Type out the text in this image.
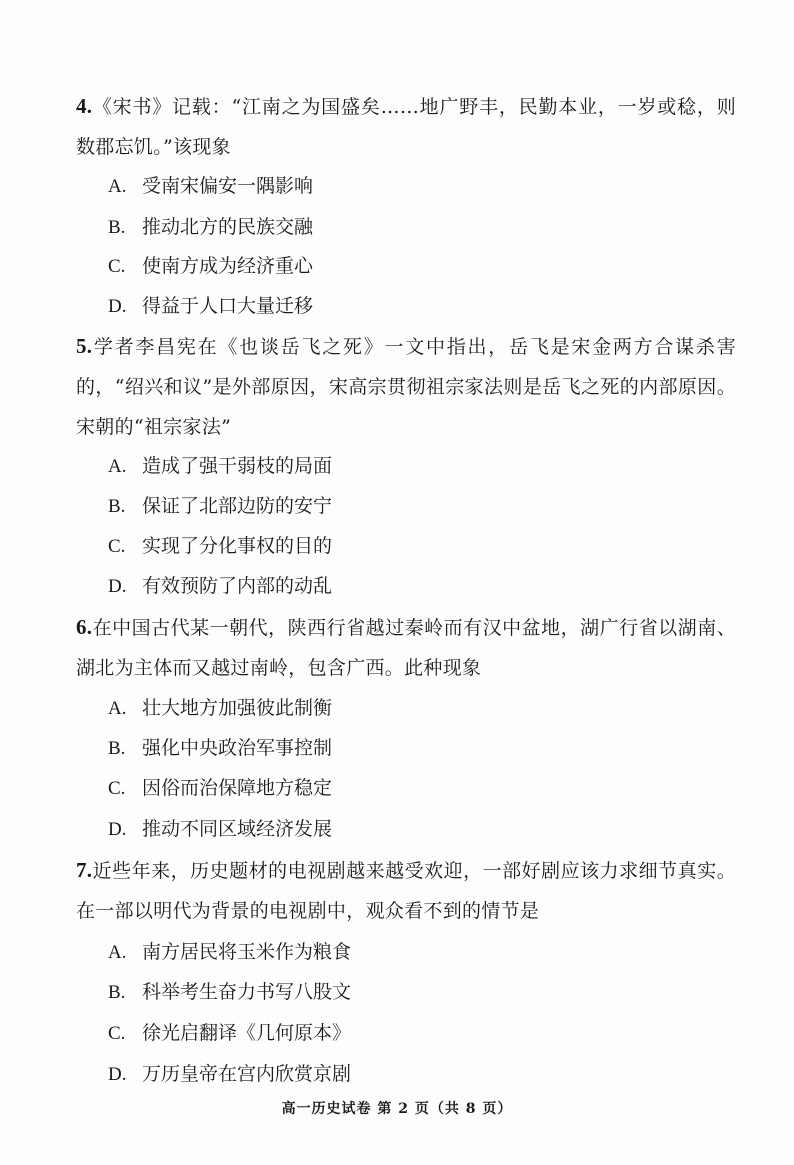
4.《宋书》记载：“江南之为国盛矣……地广野丰，民勤本业，一岁或稔，则数郡忘饥。”该现象
A. 受南宋偏安一隅影响
B. 推动北方的民族交融
C. 使南方成为经济重心
D. 得益于人口大量迁移
5.学者李昌宪在《也谈岳飞之死》一文中指出，岳飞是宋金两方合谋杀害的，“绍兴和议”是外部原因，宋高宗贯彻祖宗家法则是岳飞之死的内部原因。宋朝的“祖宗家法”
A. 造成了强干弱枝的局面
B. 保证了北部边防的安宁
C. 实现了分化事权的目的
D. 有效预防了内部的动乱
6.在中国古代某一朝代，陕西行省越过秦岭而有汉中盆地，湖广行省以湖南、湖北为主体而又越过南岭，包含广西。此种现象
A. 壮大地方加强彼此制衡
B. 强化中央政治军事控制
C. 因俗而治保障地方稳定
D. 推动不同区域经济发展
7.近些年来，历史题材的电视剧越来越受欢迎，一部好剧应该力求细节真实。在一部以明代为背景的电视剧中，观众看不到的情节是
A. 南方居民将玉米作为粮食
B. 科举考生奋力书写八股文
C. 徐光启翻译《几何原本》
D. 万历皇帝在宫内欣赏京剧
高一历史试卷 第 2 页（共 8 页）
